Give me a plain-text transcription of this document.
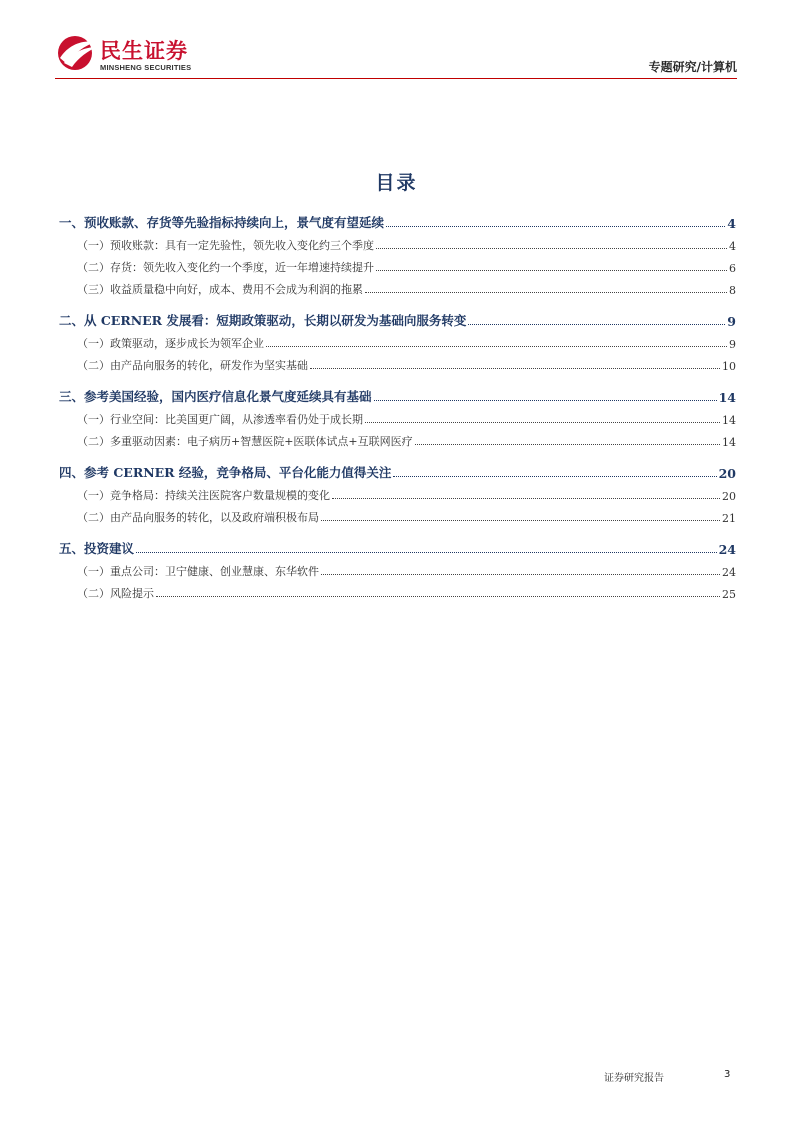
民生证券
MINSHENG SECURITIES	专题研究/计算机
目录
一、预收账款、存货等先验指标持续向上，景气度有望延续	4
（一）预收账款：具有一定先验性，领先收入变化约三个季度	4
（二）存货：领先收入变化约一个季度，近一年增速持续提升	6
（三）收益质量稳中向好，成本、费用不会成为利润的拖累	8
二、从 CERNER 发展看：短期政策驱动，长期以研发为基础向服务转变	9
（一）政策驱动，逐步成长为领军企业	9
（二）由产品向服务的转化，研发作为坚实基础	10
三、参考美国经验，国内医疗信息化景气度延续具有基础	14
（一）行业空间：比美国更广阔，从渗透率看仍处于成长期	14
（二）多重驱动因素：电子病历+智慧医院+医联体试点+互联网医疗	14
四、参考 CERNER 经验，竞争格局、平台化能力值得关注	20
（一）竞争格局：持续关注医院客户数量规模的变化	20
（二）由产品向服务的转化，以及政府端积极布局	21
五、投资建议	24
（一）重点公司：卫宁健康、创业慧康、东华软件	24
（二）风险提示	25
证券研究报告	3
